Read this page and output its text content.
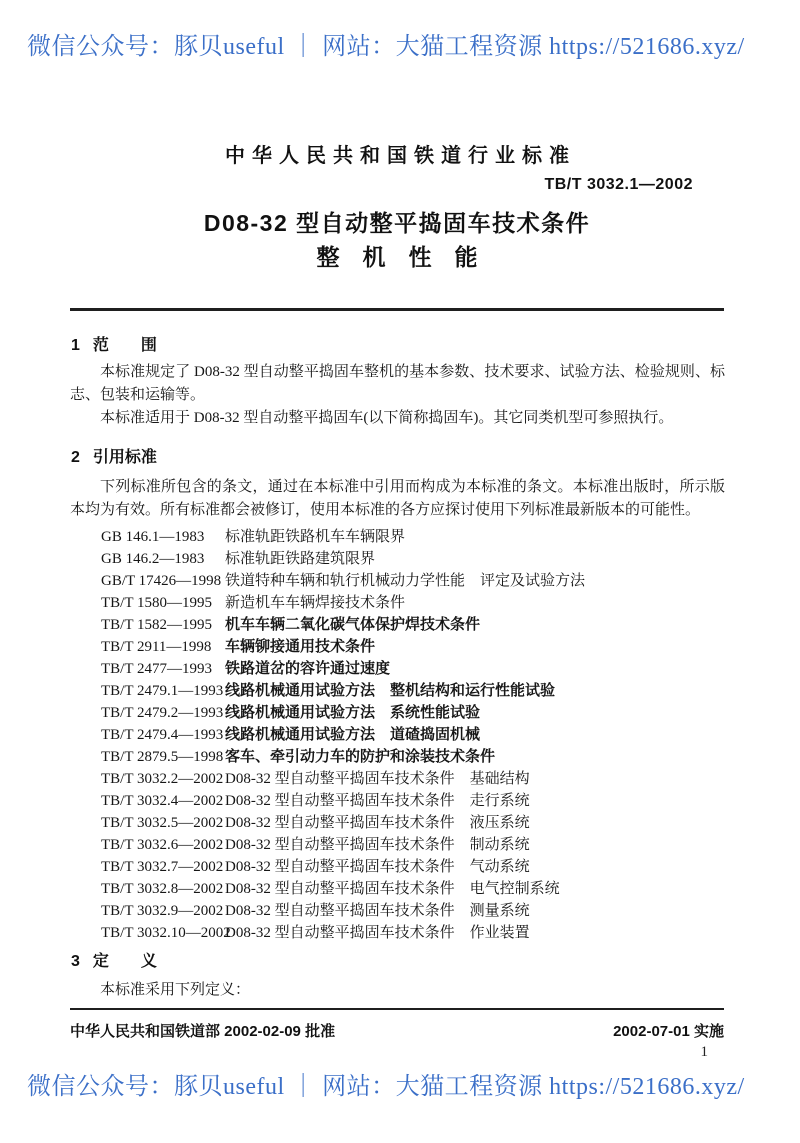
微信公众号：豚贝useful ｜ 网站：大猫工程资源 https://521686.xyz/
中华人民共和国铁道行业标准
TB/T 3032.1—2002
D08-32 型自动整平捣固车技术条件
整　机　性　能
1 范　　围

本标准规定了 D08-32 型自动整平捣固车整机的基本参数、技术要求、试验方法、检验规则、标志、包装和运输等。

本标准适用于 D08-32 型自动整平捣固车(以下简称捣固车)。其它同类机型可参照执行。

2 引用标准

下列标准所包含的条文，通过在本标准中引用而构成为本标准的条文。本标准出版时，所示版本均为有效。所有标准都会被修订，使用本标准的各方应探讨使用下列标准最新版本的可能性。

GB 146.1—1983	标准轨距铁路机车车辆限界
GB 146.2—1983	标准轨距铁路建筑限界
GB/T 17426—1998 铁道特种车辆和轨行机械动力学性能　评定及试验方法
TB/T 1580—1995 新造机车车辆焊接技术条件
TB/T 1582—1995 机车车辆二氧化碳气体保护焊技术条件
TB/T 2911—1998 车辆铆接通用技术条件
TB/T 2477—1993 铁路道岔的容许通过速度
TB/T 2479.1—1993 线路机械通用试验方法　整机结构和运行性能试验
TB/T 2479.2—1993 线路机械通用试验方法　系统性能试验
TB/T 2479.4—1993 线路机械通用试验方法　道碴捣固机械
TB/T 2879.5—1998 客车、牵引动力车的防护和涂装技术条件
TB/T 3032.2—2002 D08-32 型自动整平捣固车技术条件　基础结构
TB/T 3032.4—2002 D08-32 型自动整平捣固车技术条件　走行系统
TB/T 3032.5—2002 D08-32 型自动整平捣固车技术条件　液压系统
TB/T 3032.6—2002 D08-32 型自动整平捣固车技术条件　制动系统
TB/T 3032.7—2002 D08-32 型自动整平捣固车技术条件　气动系统
TB/T 3032.8—2002 D08-32 型自动整平捣固车技术条件　电气控制系统
TB/T 3032.9—2002 D08-32 型自动整平捣固车技术条件　测量系统
TB/T 3032.10—2002
D08-32 型自动整平捣固车技术条件　作业装置
3 定　　义

本标准采用下列定义：

中华人民共和国铁道部 2002-02-09 批准	2002-07-01 实施
1
微信公众号：豚贝useful ｜ 网站：大猫工程资源 https://521686.xyz/
